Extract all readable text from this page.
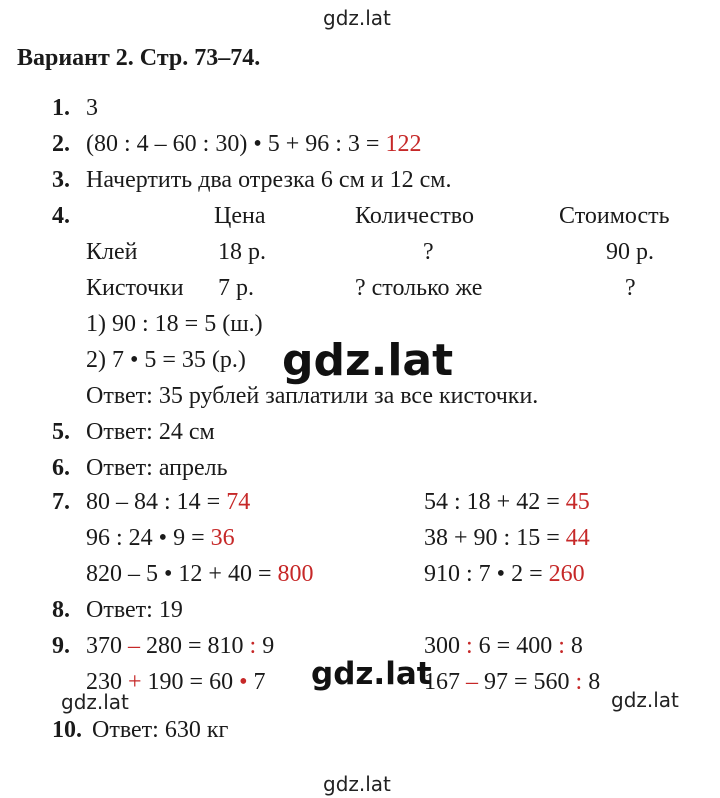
gdz.lat
gdz.lat
gdz.lat
gdz.lat	gdz.lat
gdz.lat
Вариант 2. Стр. 73–74.
1. 3
2. (80 : 4 – 60 : 30) • 5 + 96 : 3 = 122
3. Начертить два отрезка 6 см и 12 см.
4.	Цена	Количество	Стоимость
Клей	18 р.	?	90 р.
Кисточки 7 р.	? столько же	?
1) 90 : 18 = 5 (ш.)
2) 7 • 5 = 35 (р.)
Ответ: 35 рублей заплатили за все кисточки.
5. Ответ: 24 см
6. Ответ: апрель
7. 80 – 84 : 14 = 74	54 : 18 + 42 = 45
96 : 24 • 9 = 36	38 + 90 : 15 = 44
820 – 5 • 12 + 40 = 800	910 : 7 • 2 = 260
8. Ответ: 19
9. 370 – 280 = 810 : 9	300 : 6 = 400 : 8
230 + 190 = 60 • 7	167 – 97 = 560 : 8
10. Ответ: 630 кг
